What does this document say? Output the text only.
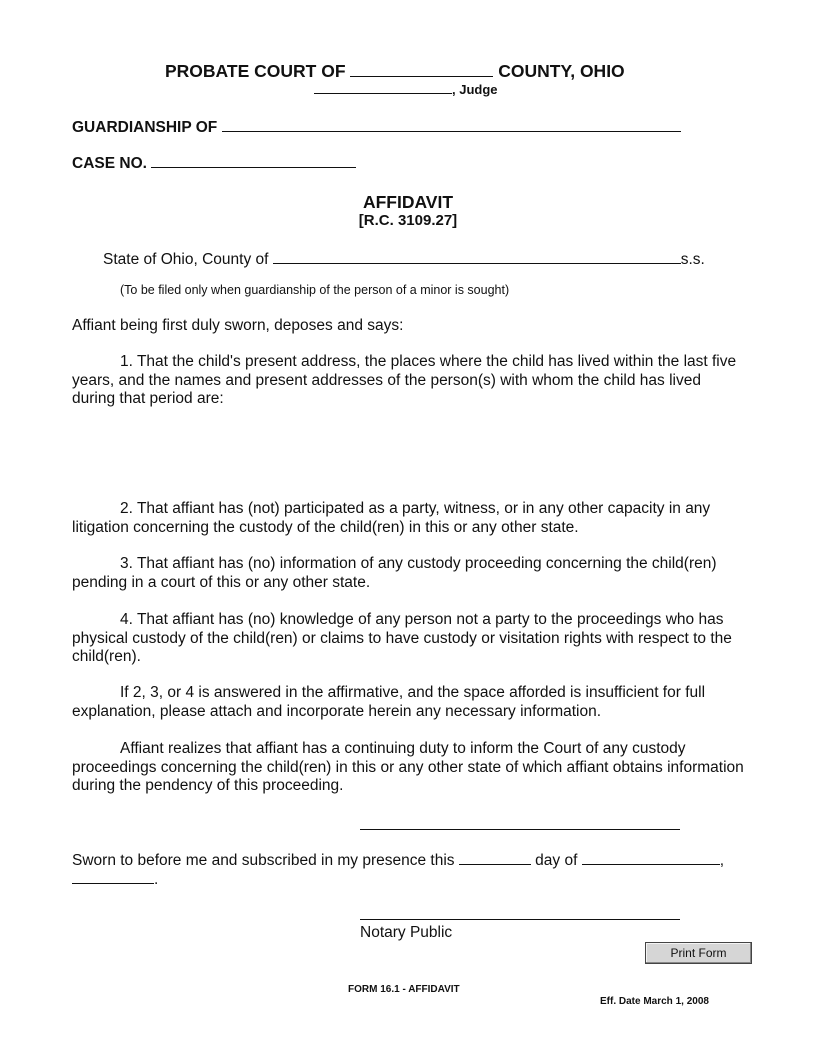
PROBATE COURT OF	COUNTY, OHIO
, Judge
GUARDIANSHIP OF
CASE NO.
AFFIDAVIT
[R.C. 3109.27]
State of Ohio, County of	s.s.
(To be filed only when guardianship of the person of a minor is sought)
Affiant being first duly sworn, deposes and says:
1. That the child's present address, the places where the child has lived within the last five years, and the names and present addresses of the person(s) with whom the child has lived during that period are:
2. That affiant has (not) participated as a party, witness, or in any other capacity in any litigation concerning the custody of the child(ren) in this or any other state.
3. That affiant has (no) information of any custody proceeding concerning the child(ren) pending in a court of this or any other state.
4. That affiant has (no) knowledge of any person not a party to the proceedings who has physical custody of the child(ren) or claims to have custody or visitation rights with respect to the child(ren).
If 2, 3, or 4 is answered in the affirmative, and the space afforded is insufficient for full explanation, please attach and incorporate herein any necessary information.
Affiant realizes that affiant has a continuing duty to inform the Court of any custody proceedings concerning the child(ren) in this or any other state of which affiant obtains information during the pendency of this proceeding.
Sworn to before me and subscribed in my presence this	day of	,
.
Notary Public
Print Form
FORM 16.1 - AFFIDAVIT
Eff. Date March 1, 2008
